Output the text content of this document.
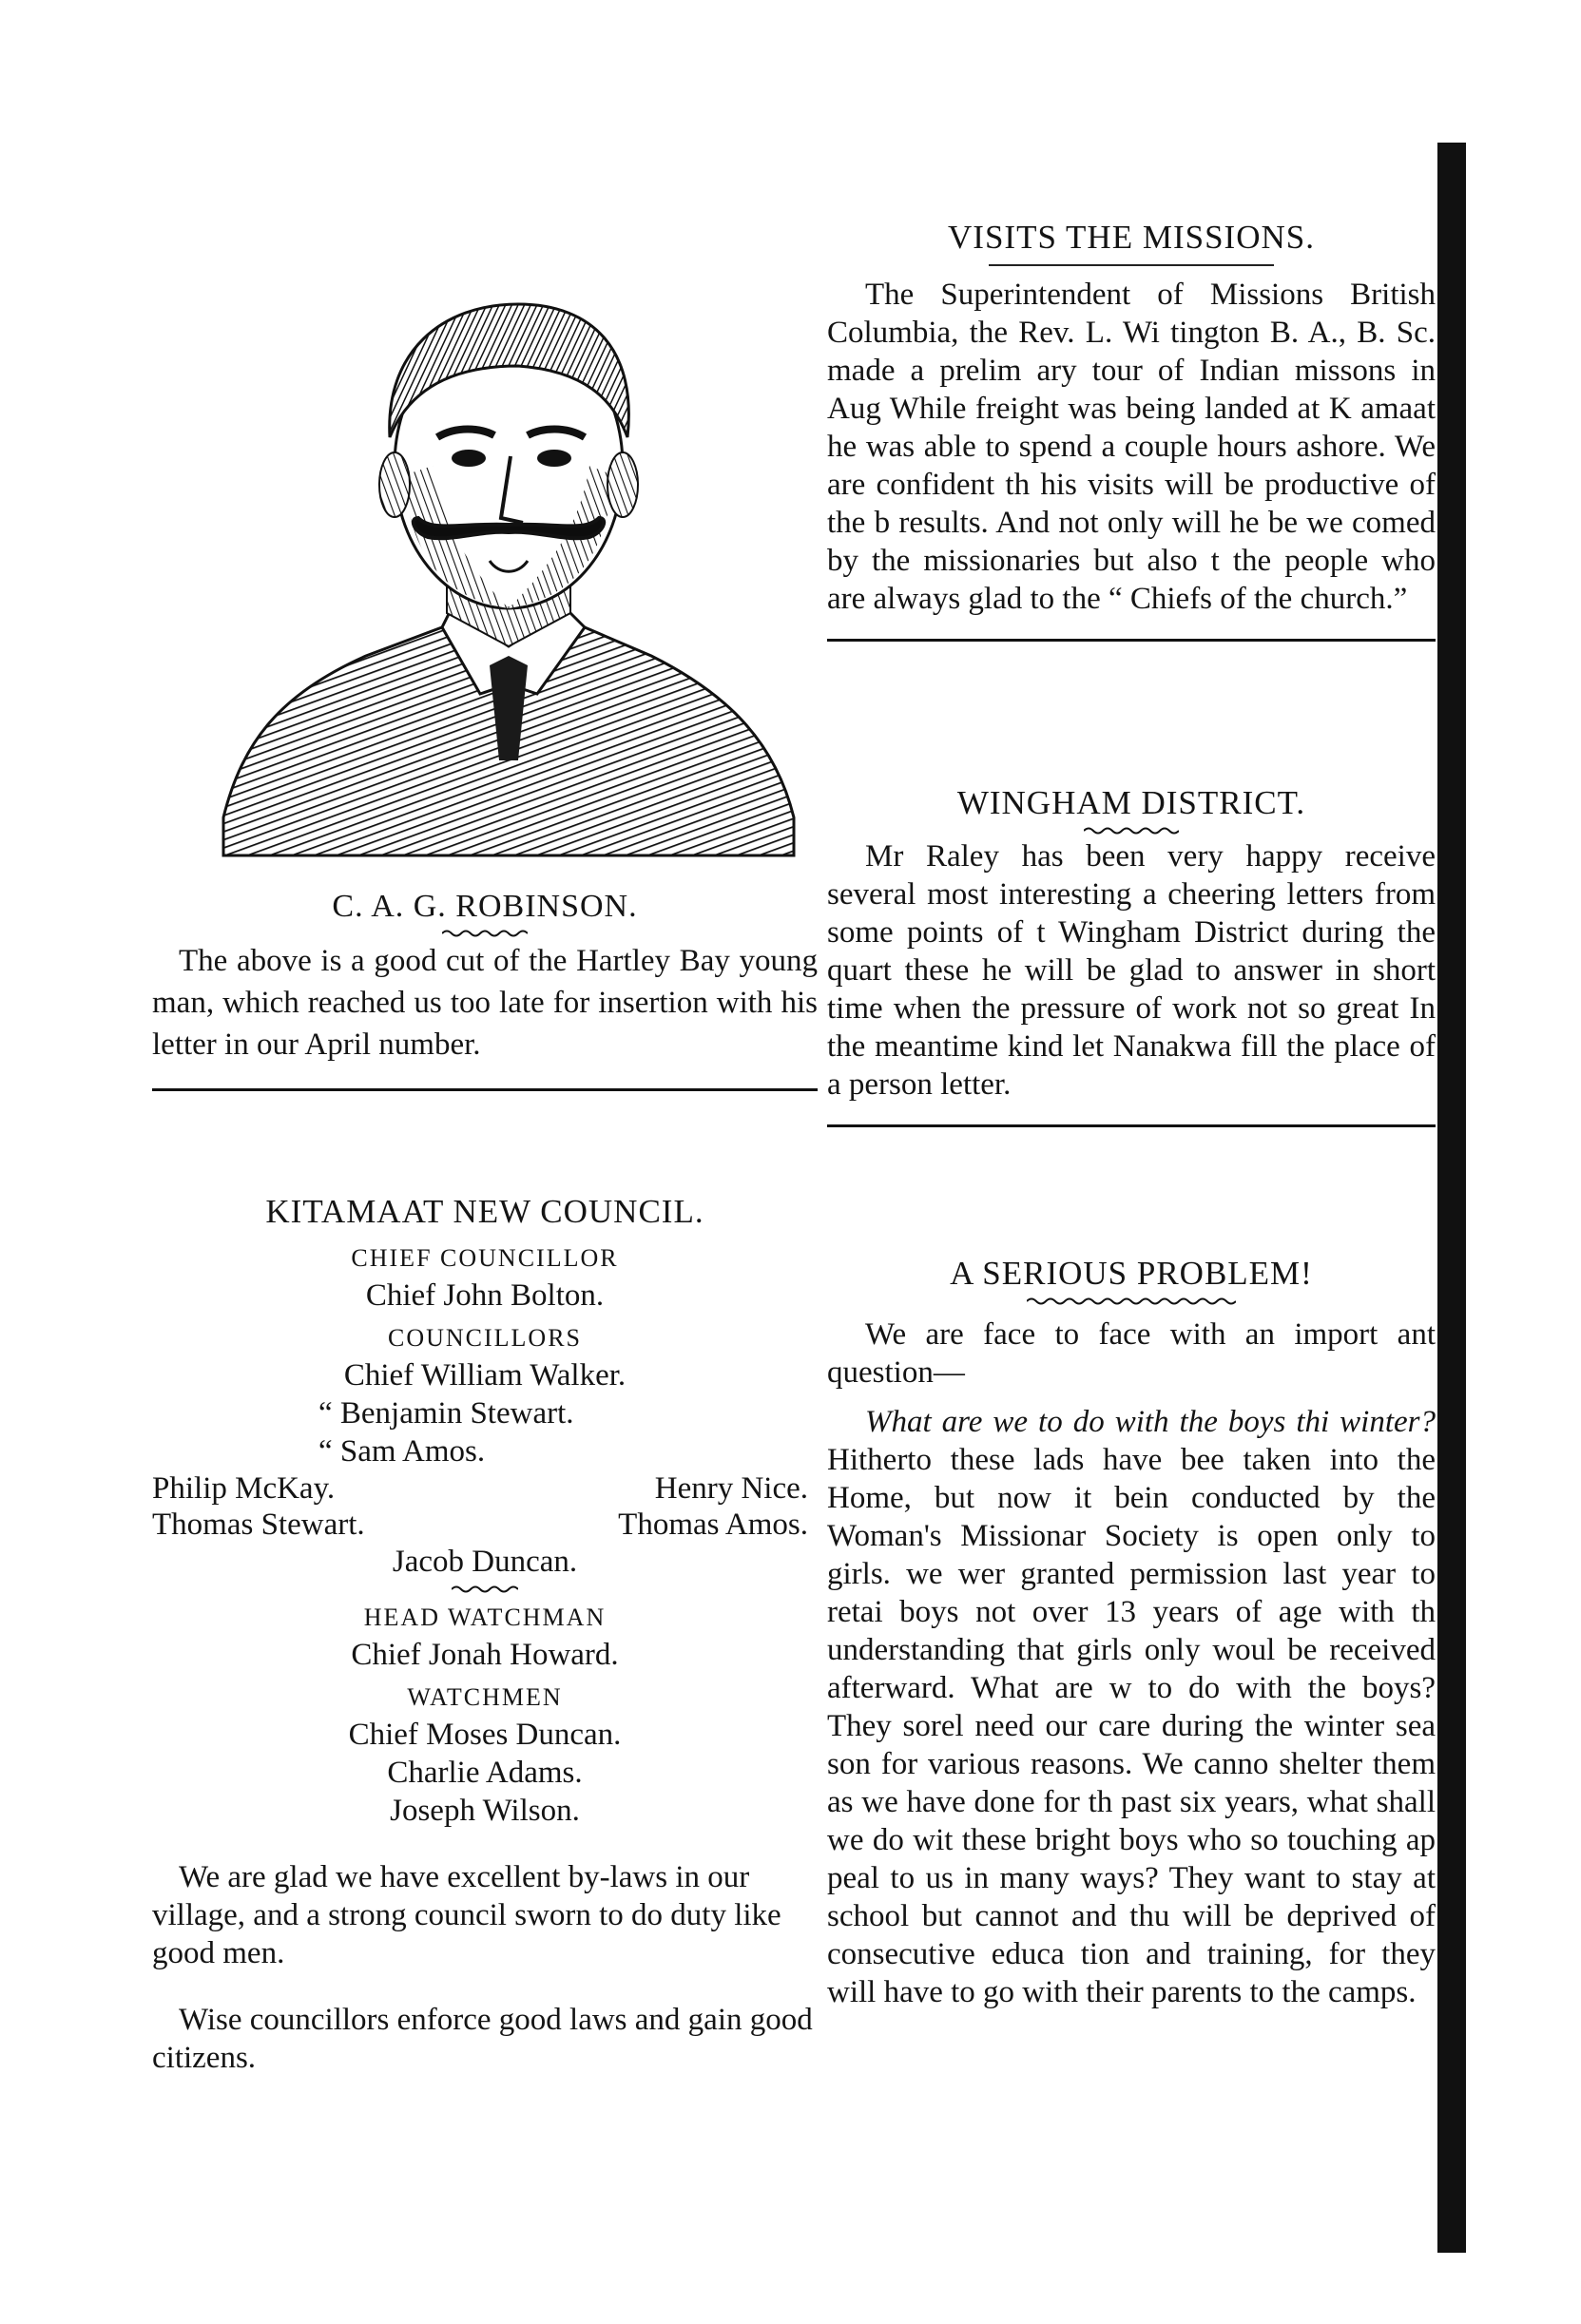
C. A. G. ROBINSON.

The above is a good cut of the Hartley Bay young man, which reached us too late for insertion with his letter in our April number.

KITAMAAT NEW COUNCIL.
CHIEF COUNCILLOR

Chief John Bolton.

COUNCILLORS

Chief William Walker.

“ Benjamin Stewart.

“ Sam Amos.

Philip McKay.	Henry Nice.
Thomas Stewart.	Thomas Amos.

Jacob Duncan.

HEAD WATCHMAN

Chief Jonah Howard.

WATCHMEN

Chief Moses Duncan.

Charlie Adams.

Joseph Wilson.

We are glad we have excellent by-laws in our village, and a strong council sworn to do duty like good men.

Wise councillors enforce good laws and gain good citizens.

VISITS THE MISSIONS.

The Superintendent of Missions British Columbia, the Rev. L. Wi tington B. A., B. Sc. made a prelim ary tour of Indian missons in Aug While freight was being landed at K amaat he was able to spend a couple hours ashore. We are confident th his visits will be productive of the b results. And not only will he be we comed by the missionaries but also t the people who are always glad to the “ Chiefs of the church.”

WINGHAM DISTRICT.

Mr Raley has been very happy receive several most interesting a cheering letters from some points of t Wingham District during the quart these he will be glad to answer in short time when the pressure of work not so great In the meantime kind let Nanakwa fill the place of a person letter.

A SERIOUS PROBLEM!

We are face to face with an import ant question—

What are we to do with the boys thi winter? Hitherto these lads have bee taken into the Home, but now it bein conducted by the Woman's Missionar Society is open only to girls. we wer granted permission last year to retai boys not over 13 years of age with th understanding that girls only woul be received afterward. What are w to do with the boys? They sorel need our care during the winter sea son for various reasons. We canno shelter them as we have done for th past six years, what shall we do wit these bright boys who so touching ap peal to us in many ways? They want to stay at school but cannot and thu will be deprived of consecutive educa tion and training, for they will have to go with their parents to the camps.
